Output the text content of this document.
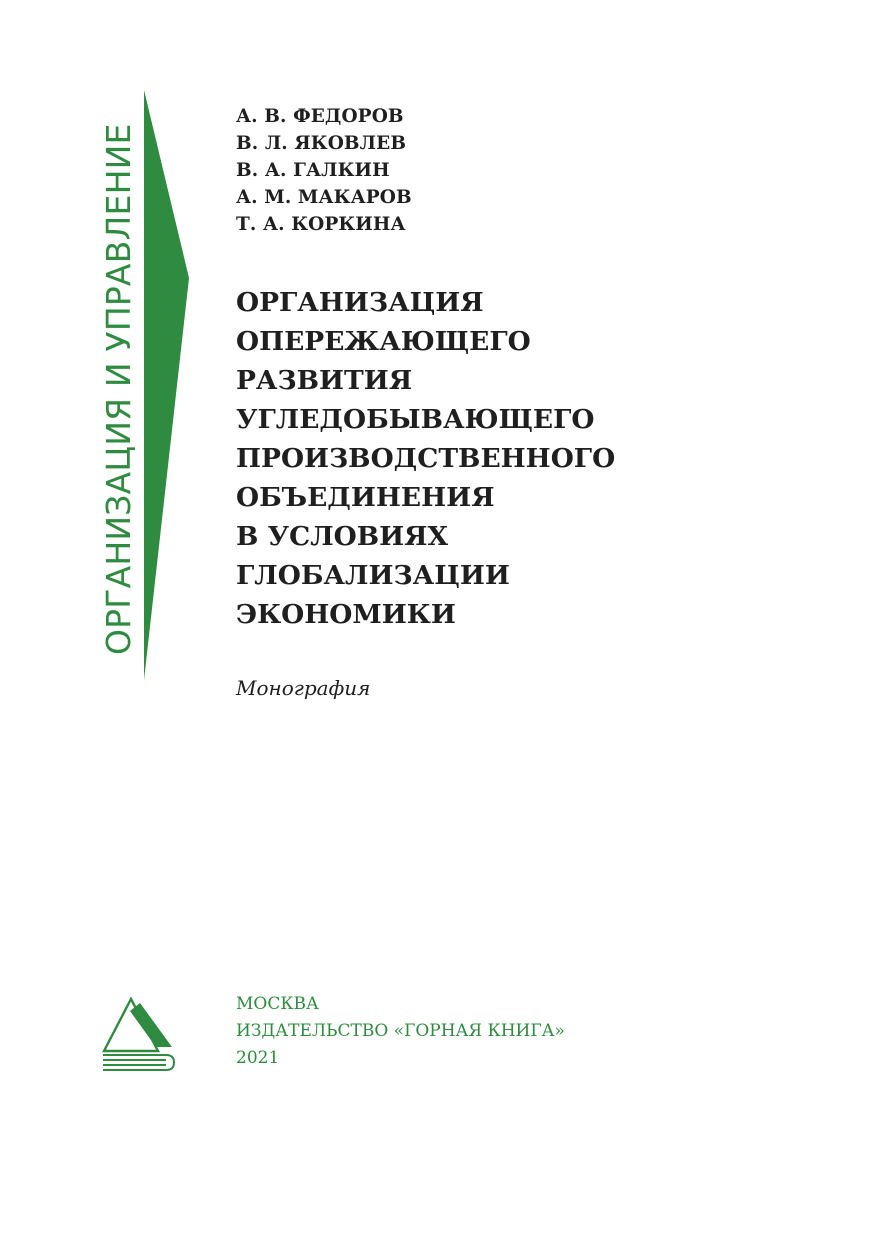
ОРГАНИЗАЦИЯ И УПРАВЛЕНИЕ
А. В. ФЕДОРОВ
В. Л. ЯКОВЛЕВ
В. А. ГАЛКИН
А. М. МАКАРОВ
Т. А. КОРКИНА
ОРГАНИЗАЦИЯ
ОПЕРЕЖАЮЩЕГО
РАЗВИТИЯ
УГЛЕДОБЫВАЮЩЕГО
ПРОИЗВОДСТВЕННОГО
ОБЪЕДИНЕНИЯ
В УСЛОВИЯХ
ГЛОБАЛИЗАЦИИ
ЭКОНОМИКИ
Монография
МОСКВА
ИЗДАТЕЛЬСТВО «ГОРНАЯ КНИГА»
2021
